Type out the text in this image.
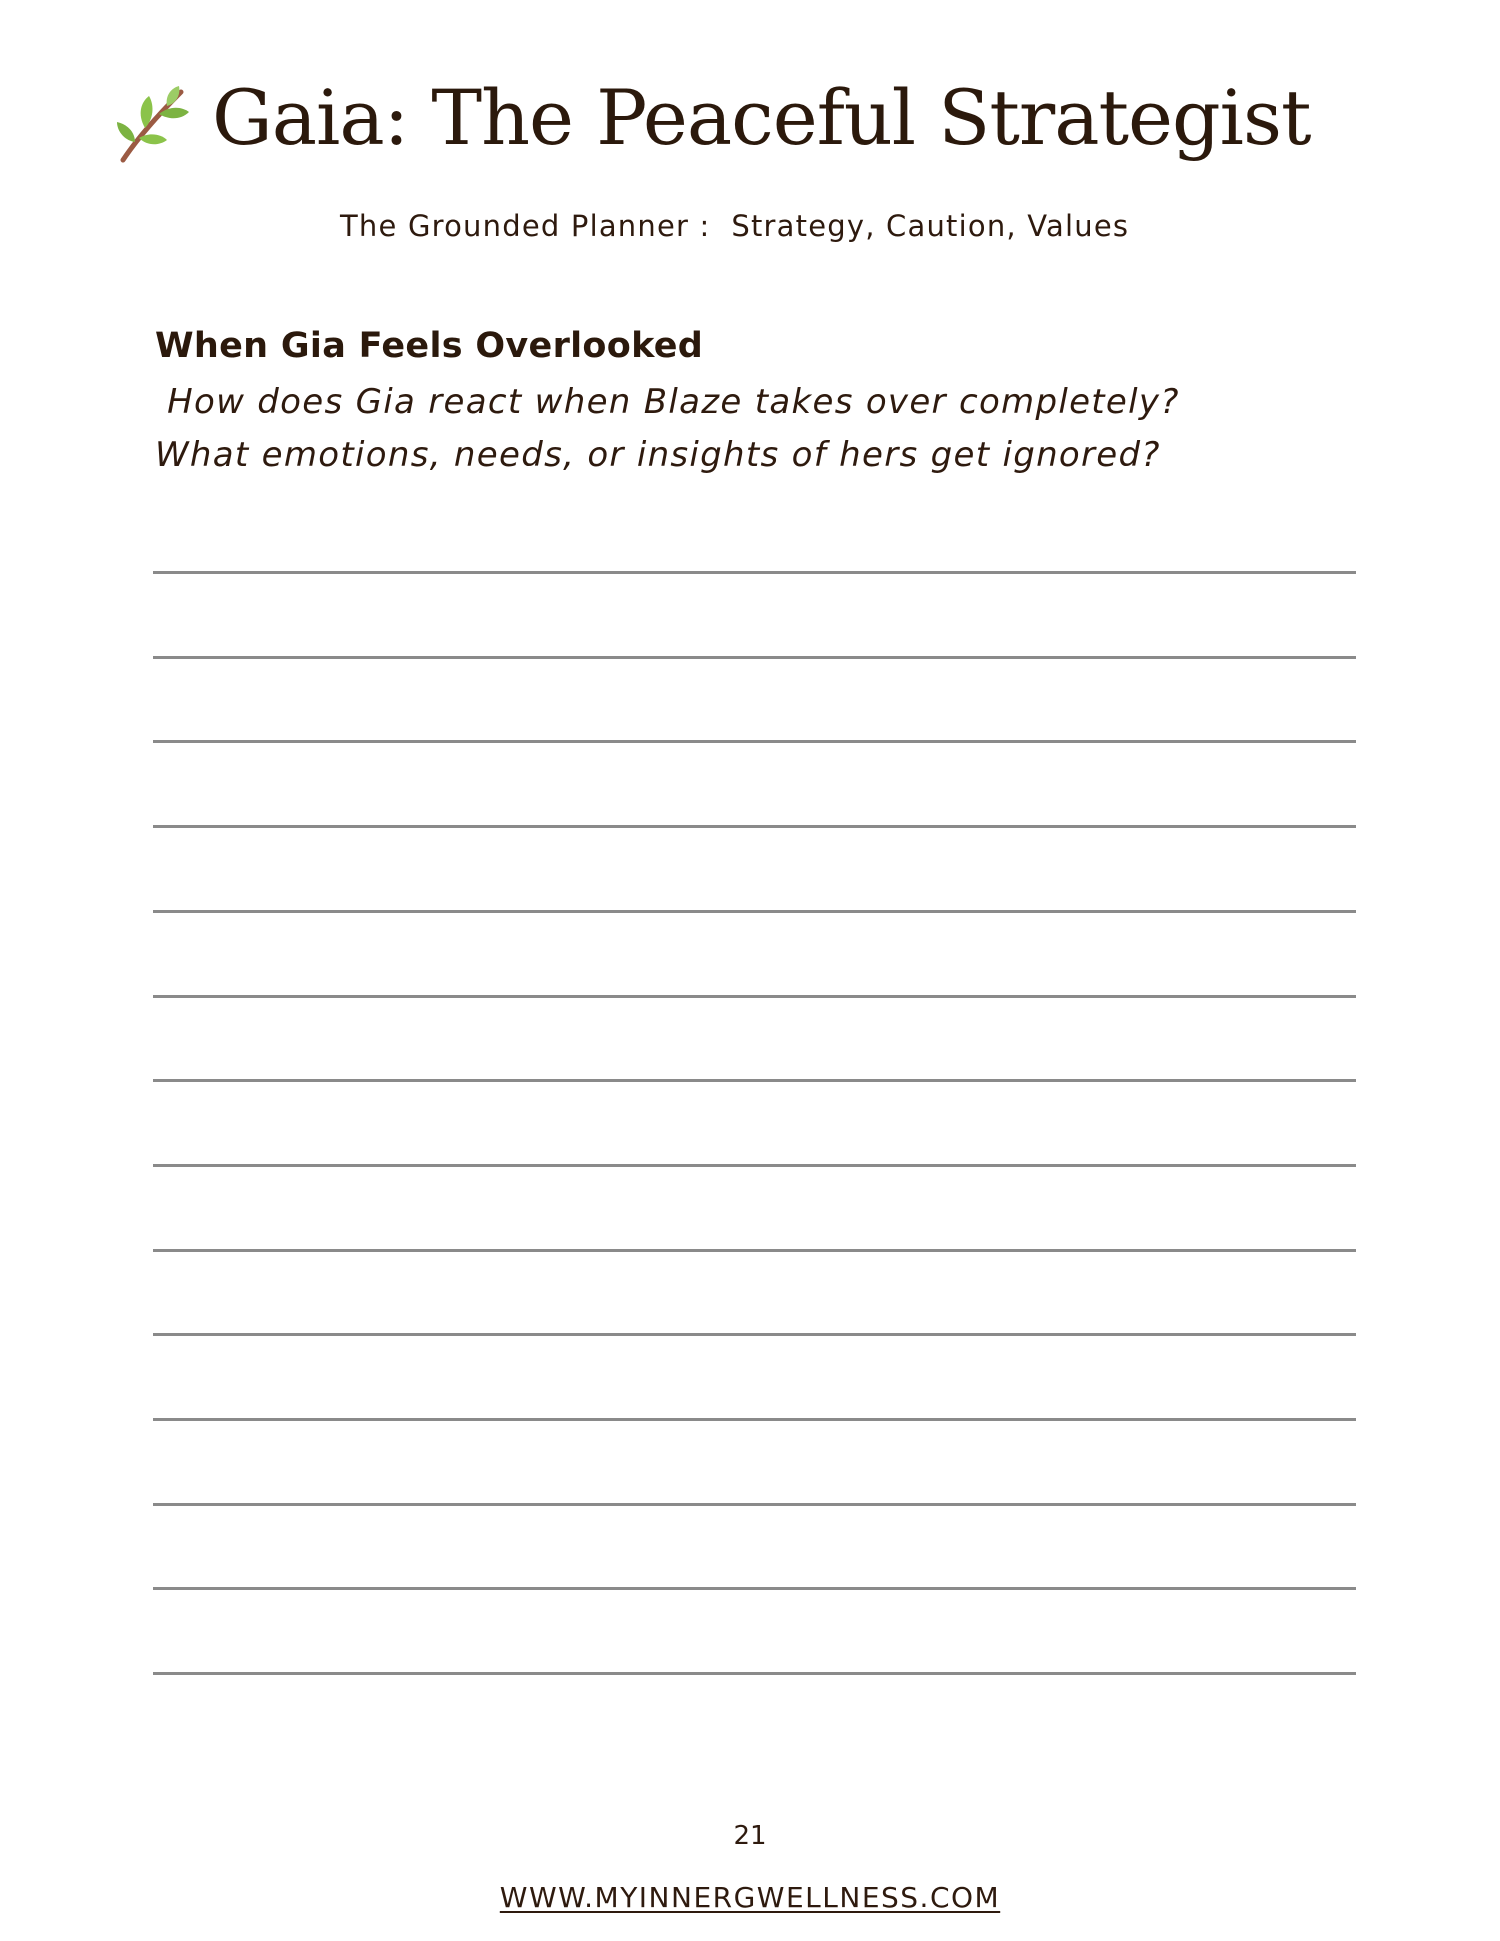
Gaia: The Peaceful Strategist

The Grounded Planner :  Strategy, Caution, Values

When Gia Feels Overlooked

How does Gia react when Blaze takes over completely?

What emotions, needs, or insights of hers get ignored?

21

WWW.MYINNERGWELLNESS.COM
